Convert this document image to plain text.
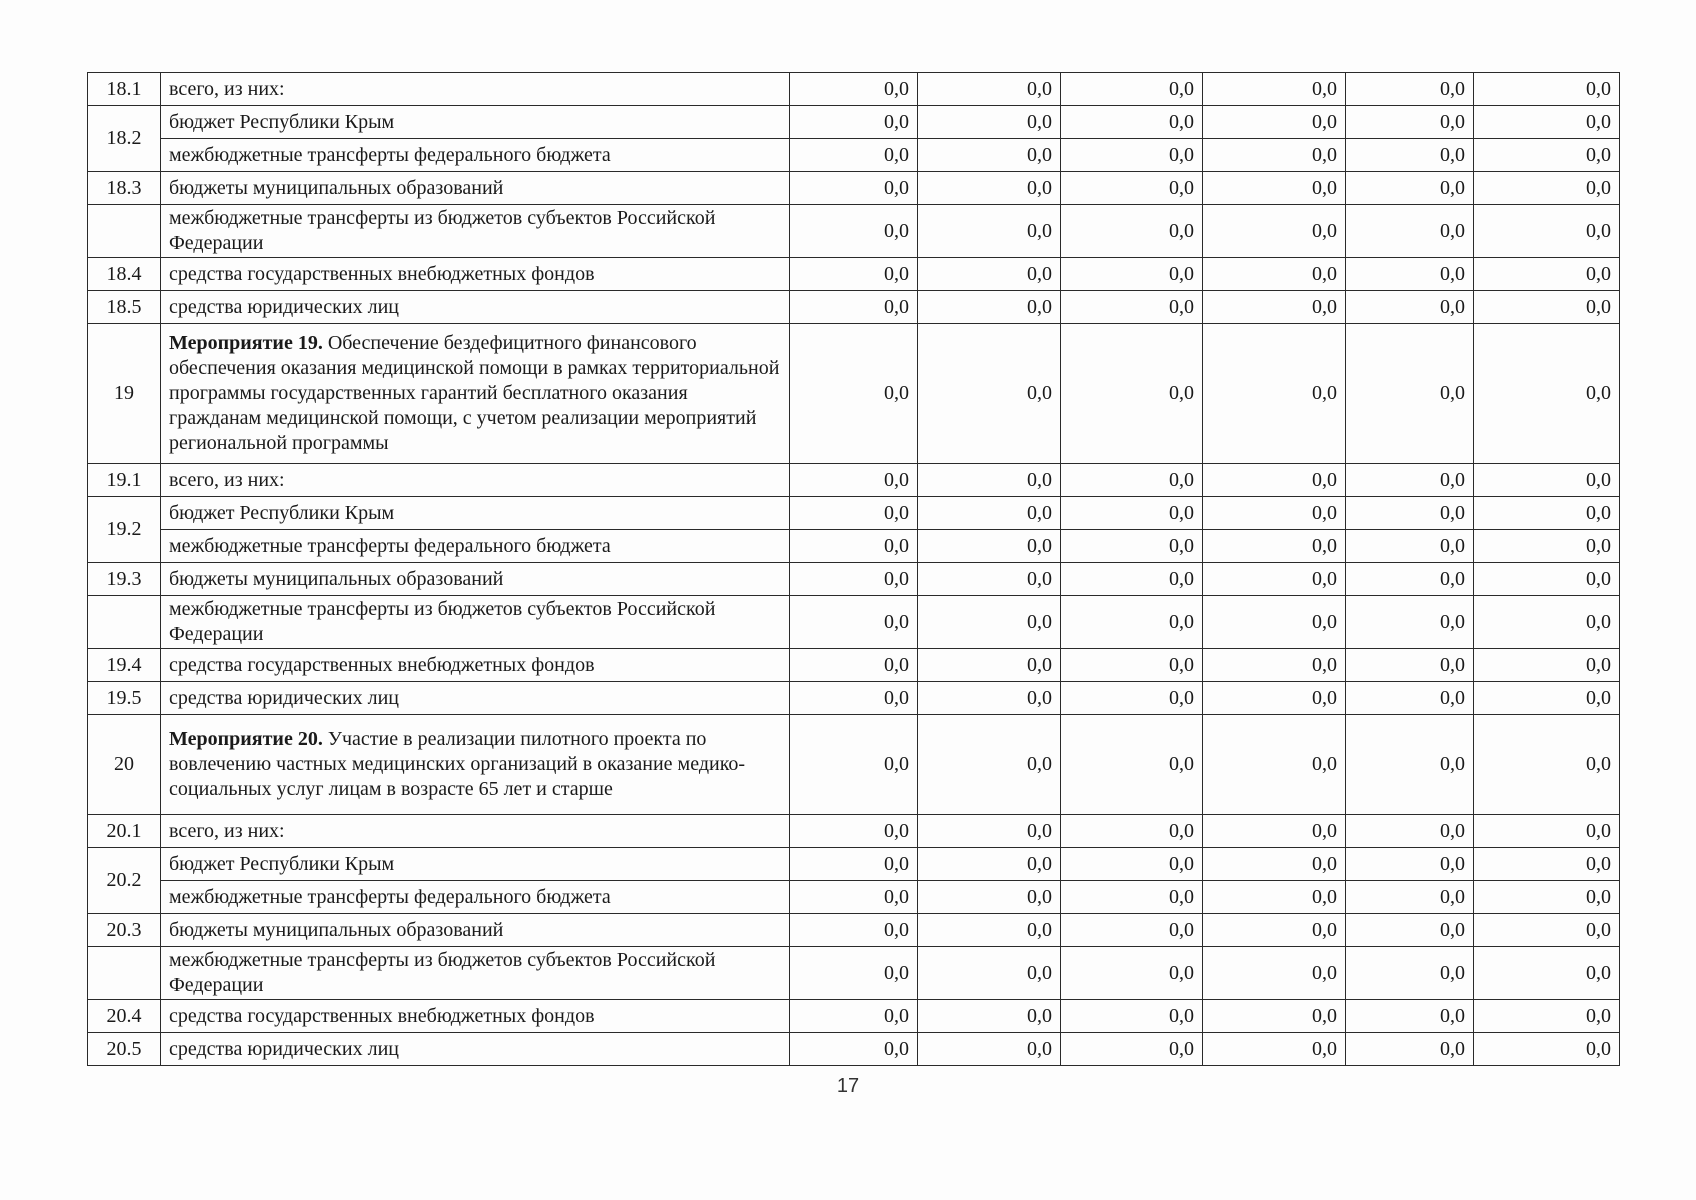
18.1	всего, из них:	0,0	0,0	0,0	0,0	0,0	0,0
18.2	бюджет Республики Крым	0,0	0,0	0,0	0,0	0,0	0,0
	межбюджетные трансферты федерального бюджета	0,0	0,0	0,0	0,0	0,0	0,0
18.3	бюджеты муниципальных образований	0,0	0,0	0,0	0,0	0,0	0,0
	межбюджетные трансферты из бюджетов субъектов Российской Федерации	0,0	0,0	0,0	0,0	0,0	0,0
18.4	средства государственных внебюджетных фондов	0,0	0,0	0,0	0,0	0,0	0,0
18.5	средства юридических лиц	0,0	0,0	0,0	0,0	0,0	0,0
19	Мероприятие 19. Обеспечение бездефицитного финансового обеспечения оказания медицинской помощи в рамках территориальной программы государственных гарантий бесплатного оказания гражданам медицинской помощи, с учетом реализации мероприятий региональной программы	0,0	0,0	0,0	0,0	0,0	0,0
19.1	всего, из них:	0,0	0,0	0,0	0,0	0,0	0,0
19.2	бюджет Республики Крым	0,0	0,0	0,0	0,0	0,0	0,0
	межбюджетные трансферты федерального бюджета	0,0	0,0	0,0	0,0	0,0	0,0
19.3	бюджеты муниципальных образований	0,0	0,0	0,0	0,0	0,0	0,0
	межбюджетные трансферты из бюджетов субъектов Российской Федерации	0,0	0,0	0,0	0,0	0,0	0,0
19.4	средства государственных внебюджетных фондов	0,0	0,0	0,0	0,0	0,0	0,0
19.5	средства юридических лиц	0,0	0,0	0,0	0,0	0,0	0,0
20	Мероприятие 20. Участие в реализации пилотного проекта по вовлечению частных медицинских организаций в оказание медико-социальных услуг лицам в возрасте 65 лет и старше	0,0	0,0	0,0	0,0	0,0	0,0
20.1	всего, из них:	0,0	0,0	0,0	0,0	0,0	0,0
20.2	бюджет Республики Крым	0,0	0,0	0,0	0,0	0,0	0,0
	межбюджетные трансферты федерального бюджета	0,0	0,0	0,0	0,0	0,0	0,0
20.3	бюджеты муниципальных образований	0,0	0,0	0,0	0,0	0,0	0,0
	межбюджетные трансферты из бюджетов субъектов Российской Федерации	0,0	0,0	0,0	0,0	0,0	0,0
20.4	средства государственных внебюджетных фондов	0,0	0,0	0,0	0,0	0,0	0,0
20.5	средства юридических лиц	0,0	0,0	0,0	0,0	0,0	0,0
17
